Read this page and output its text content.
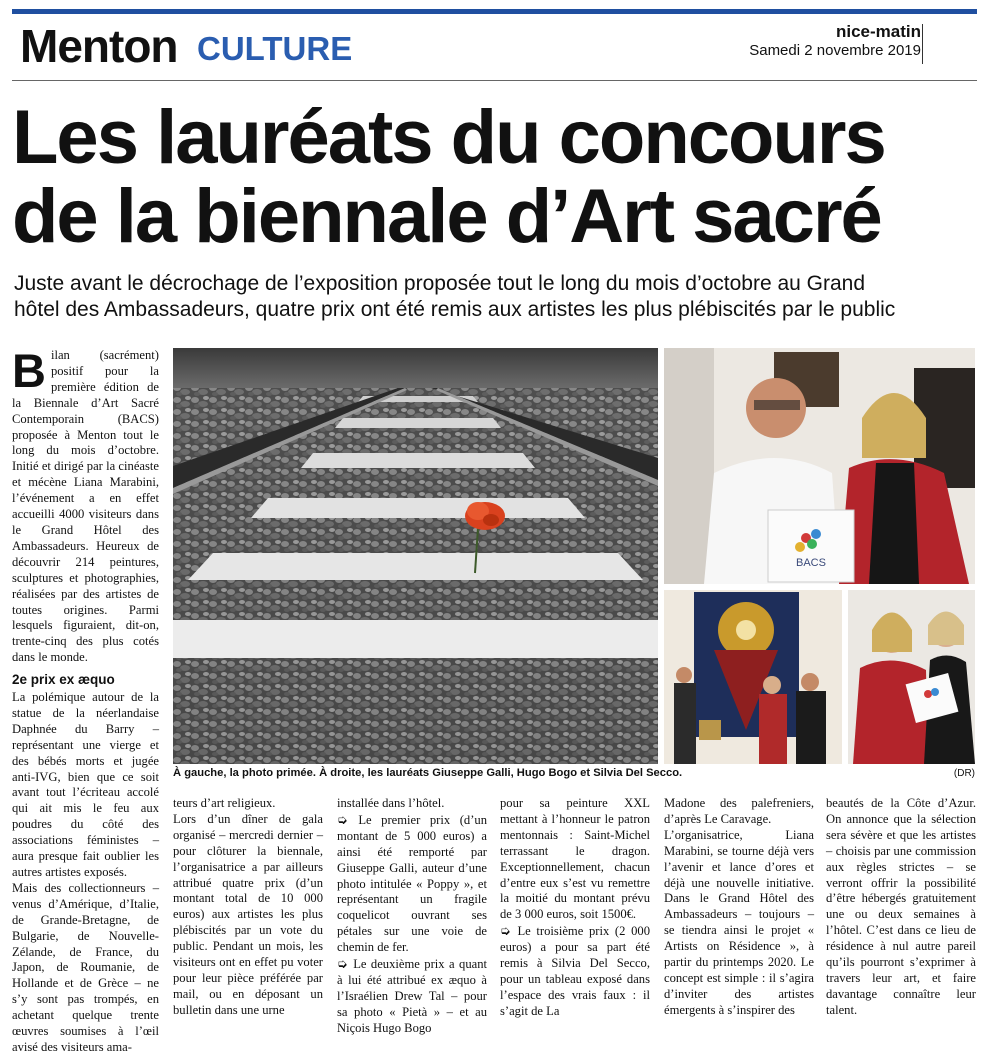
Menton CULTURE	nice-matin
Samedi 2 novembre 2019
Les lauréats du concours
de la biennale d’Art sacré
Juste avant le décrochage de l’exposition proposée tout le long du mois d’octobre au Grand
hôtel des Ambassadeurs, quatre prix ont été remis aux artistes les plus plébiscités par le public
BACS
À gauche, la photo primée. À droite, les lauréats Giuseppe Galli, Hugo Bogo et Silvia Del Secco.	(DR)

Bilan (sacrément) positif pour la première édition de la Biennale d’Art Sacré Contemporain (BACS) proposée à Menton tout le long du mois d’octobre. Initié et dirigé par la cinéaste et mécène Liana Marabini, l’événement a en effet accueilli 4000 visiteurs dans le Grand Hôtel des Ambassadeurs. Heureux de découvrir 214 peintures, sculptures et photographies, réalisées par des artistes de toutes origines. Parmi lesquels figuraient, dit-on, trente-cinq des plus cotés dans le monde.

2e prix ex æquo

La polémique autour de la statue de la néerlandaise Daphnée du Barry – représentant une vierge et des bébés morts et jugée anti-IVG, bien que ce soit avant tout l’écriteau accolé qui ait mis le feu aux poudres du côté des associations féministes – aura presque fait oublier les autres artistes exposés.

Mais des collectionneurs – venus d’Amérique, d’Italie, de Grande-Bretagne, de Bulgarie, de Nouvelle-Zélande, de France, du Japon, de Roumanie, de Hollande et de Grèce – ne s’y sont pas trompés, en achetant quelque trente œuvres soumises à l’œil avisé des visiteurs ama-

teurs d’art religieux.

Lors d’un dîner de gala organisé – mercredi dernier – pour clôturer la biennale, l’organisatrice a par ailleurs attribué quatre prix (d’un montant total de 10 000 euros) aux artistes les plus plébiscités par un vote du public. Pendant un mois, les visiteurs ont en effet pu voter pour leur pièce préférée par mail, ou en déposant un bulletin dans une urne

installée dans l’hôtel.

➭ Le premier prix (d’un montant de 5 000 euros) a ainsi été remporté par Giuseppe Galli, auteur d’une photo intitulée « Poppy », et représentant un fragile coquelicot ouvrant ses pétales sur une voie de chemin de fer.

➭ Le deuxième prix a quant à lui été attribué ex æquo à l’Israélien Drew Tal – pour sa photo « Pietà » – et au Niçois Hugo Bogo

pour sa peinture XXL mettant à l’honneur le patron mentonnais : Saint-Michel terrassant le dragon. Exceptionnellement, chacun d’entre eux s’est vu remettre la moitié du montant prévu de 3 000 euros, soit 1500€.

➭ Le troisième prix (2 000 euros) a pour sa part été remis à Silvia Del Secco, pour un tableau exposé dans l’espace des vrais faux : il s’agit de La

Madone des palefreniers, d’après Le Caravage.

L’organisatrice, Liana Marabini, se tourne déjà vers l’avenir et lance d’ores et déjà une nouvelle initiative. Dans le Grand Hôtel des Ambassadeurs – toujours – se tiendra ainsi le projet « Artists on Résidence », à partir du printemps 2020. Le concept est simple : il s’agira d’inviter des artistes émergents à s’inspirer des

beautés de la Côte d’Azur. On annonce que la sélection sera sévère et que les artistes – choisis par une commission aux règles strictes – se verront offrir la possibilité d’être hébergés gratuitement une ou deux semaines à l’hôtel. C’est dans ce lieu de résidence à nul autre pareil qu’ils pourront s’exprimer à travers leur art, et faire davantage connaître leur talent.
